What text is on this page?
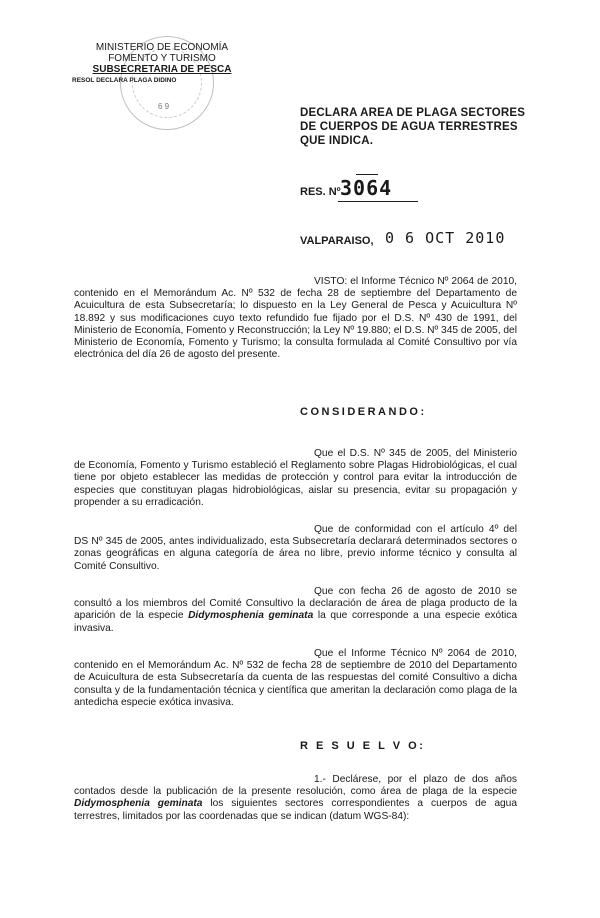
6 9
MINISTERIO DE ECONOMÍA
FOMENTO Y TURISMO
SUBSECRETARIA DE PESCA
RESOL DECLARA PLAGA DIDINO
DECLARA AREA DE PLAGA SECTORES DE CUERPOS DE AGUA TERRESTRES QUE INDICA.
RES. Nº 3064
VALPARAISO, 0 6 OCT 2010

VISTO: el Informe Técnico Nº 2064 de 2010, contenido en el Memorándum Ac. Nº 532 de fecha 28 de septiembre del Departamento de Acuicultura de esta Subsecretaría; lo dispuesto en la Ley General de Pesca y Acuicultura Nº 18.892 y sus modificaciones cuyo texto refundido fue fijado por el D.S. Nº 430 de 1991, del Ministerio de Economía, Fomento y Reconstrucción; la Ley Nº 19.880; el D.S. Nº 345 de 2005, del Ministerio de Economía, Fomento y Turismo; la consulta formulada al Comité Consultivo por vía electrónica del día 26 de agosto del presente.

CONSIDERANDO:

Que el D.S. Nº 345 de 2005, del Ministerio de Economía, Fomento y Turismo estableció el Reglamento sobre Plagas Hidrobiológicas, el cual tiene por objeto establecer las medidas de protección y control para evitar la introducción de especies que constituyan plagas hidrobiológicas, aislar su presencia, evitar su propagación y propender a su erradicación.

Que de conformidad con el artículo 4º del DS Nº 345 de 2005, antes individualizado, esta Subsecretaría declarará determinados sectores o zonas geográficas en alguna categoría de área no libre, previo informe técnico y consulta al Comité Consultivo.

Que con fecha 26 de agosto de 2010 se consultó a los miembros del Comité Consultivo la declaración de área de plaga producto de la aparición de la especie Didymosphenia geminata la que corresponde a una especie exótica invasiva.

Que el Informe Técnico Nº 2064 de 2010, contenido en el Memorándum Ac. Nº 532 de fecha 28 de septiembre de 2010 del Departamento de Acuicultura de esta Subsecretaría da cuenta de las respuestas del comité Consultivo a dicha consulta y de la fundamentación técnica y científica que ameritan la declaración como plaga de la antedicha especie exótica invasiva.

R E S U E L V O:

1.- Declárese, por el plazo de dos años contados desde la publicación de la presente resolución, como área de plaga de la especie Didymosphenia geminata los siguientes sectores correspondientes a cuerpos de agua terrestres, limitados por las coordenadas que se indican (datum WGS-84):
